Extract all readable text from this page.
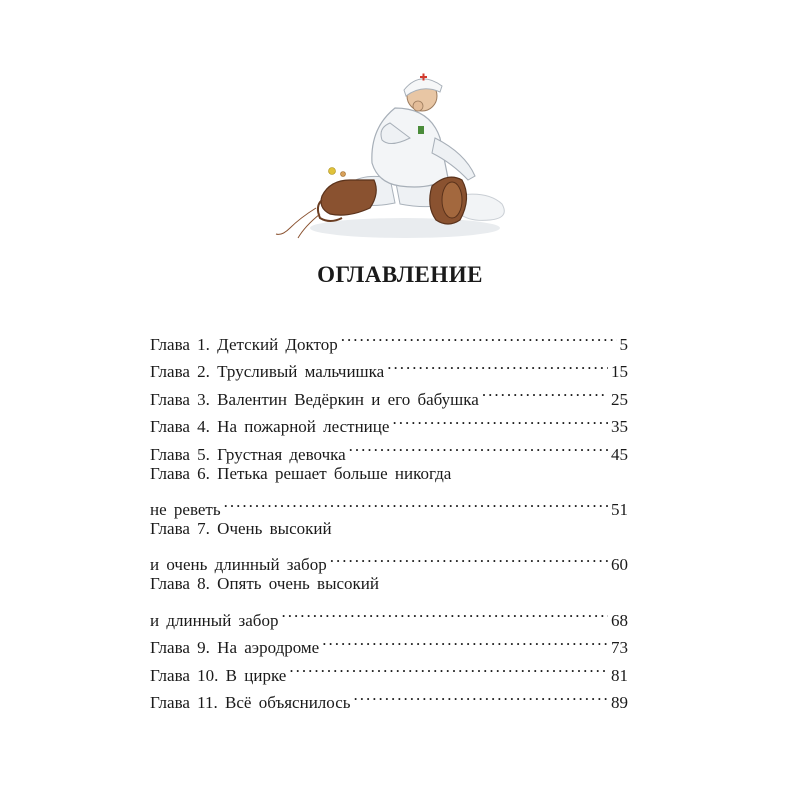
ОГЛАВЛЕНИЕ
Глава 1. Детский Доктор .....	5
Глава 2. Трусливый мальчишка .....	15
Глава 3. Валентин Ведёркин и его бабушка .....	25
Глава 4. На пожарной лестнице .....	35
Глава 5. Грустная девочка .....	45
Глава 6. Петька решает больше никогда
не реветь .....	51
Глава 7. Очень высокий
и очень длинный забор .....	60
Глава 8. Опять очень высокий
и длинный забор .....	68
Глава 9. На аэродроме .....	73
Глава 10. В цирке .....	81
Глава 11. Всё объяснилось .....	89
